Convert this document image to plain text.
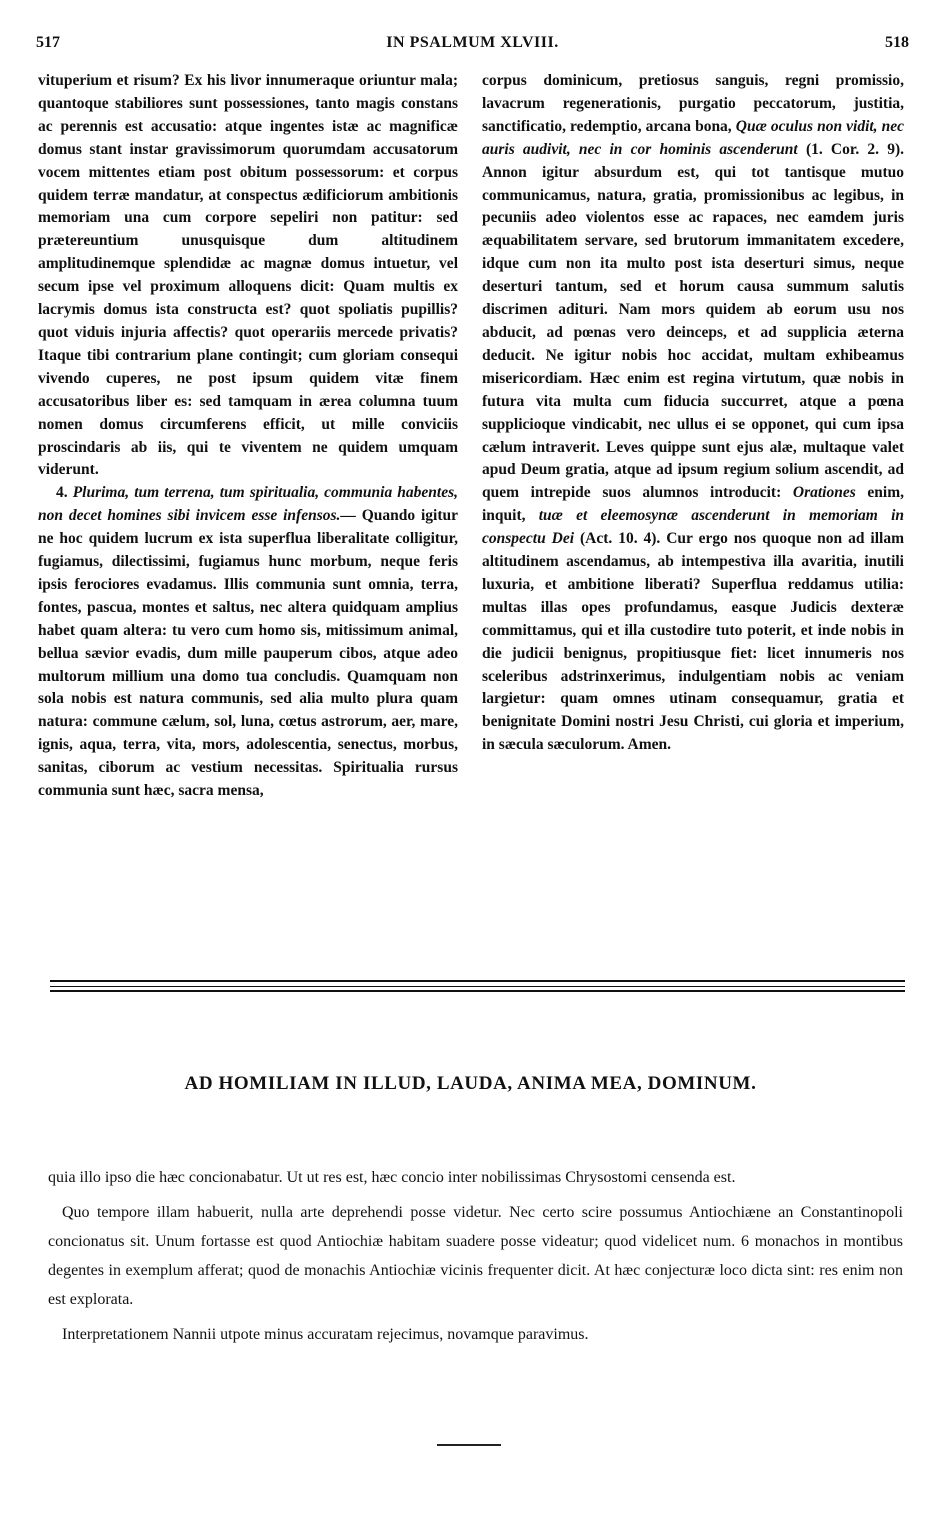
517	IN PSALMUM XLVIII.	518

vituperium et risum? Ex his livor innumeraque oriuntur mala; quantoque stabiliores sunt possessiones, tanto magis constans ac perennis est accusatio: atque ingentes istæ ac magnificæ domus stant instar gravissimorum quorumdam accusatorum vocem mittentes etiam post obitum possessorum: et corpus quidem terræ mandatur, at conspectus ædificiorum ambitionis memoriam una cum corpore sepeliri non patitur: sed prætereuntium unusquisque dum altitudinem amplitudinemque splendidæ ac magnæ domus intuetur, vel secum ipse vel proximum alloquens dicit: Quam multis ex lacrymis domus ista constructa est? quot spoliatis pupillis? quot viduis injuria affectis? quot operariis mercede privatis? Itaque tibi contrarium plane contingit; cum gloriam consequi vivendo cuperes, ne post ipsum quidem vitæ finem accusatoribus liber es: sed tamquam in ærea columna tuum nomen domus circumferens efficit, ut mille conviciis proscindaris ab iis, qui te viventem ne quidem umquam viderunt.

4. Plurima, tum terrena, tum spiritualia, communia habentes, non decet homines sibi invicem esse infensos.— Quando igitur ne hoc quidem lucrum ex ista superflua liberalitate colligitur, fugiamus, dilectissimi, fugiamus hunc morbum, neque feris ipsis ferociores evadamus. Illis communia sunt omnia, terra, fontes, pascua, montes et saltus, nec altera quidquam amplius habet quam altera: tu vero cum homo sis, mitissimum animal, bellua sævior evadis, dum mille pauperum cibos, atque adeo multorum millium una domo tua concludis. Quamquam non sola nobis est natura communis, sed alia multo plura quam natura: commune cælum, sol, luna, cœtus astrorum, aer, mare, ignis, aqua, terra, vita, mors, adolescentia, senectus, morbus, sanitas, ciborum ac vestium necessitas. Spiritualia rursus communia sunt hæc, sacra mensa,

corpus dominicum, pretiosus sanguis, regni promissio, lavacrum regenerationis, purgatio peccatorum, justitia, sanctificatio, redemptio, arcana bona, Quæ oculus non vidit, nec auris audivit, nec in cor hominis ascenderunt (1. Cor. 2. 9). Annon igitur absurdum est, qui tot tantisque mutuo communicamus, natura, gratia, promissionibus ac legibus, in pecuniis adeo violentos esse ac rapaces, nec eamdem juris æquabilitatem servare, sed brutorum immanitatem excedere, idque cum non ita multo post ista deserturi simus, neque deserturi tantum, sed et horum causa summum salutis discrimen adituri. Nam mors quidem ab eorum usu nos abducit, ad pœnas vero deinceps, et ad supplicia æterna deducit. Ne igitur nobis hoc accidat, multam exhibeamus misericordiam. Hæc enim est regina virtutum, quæ nobis in futura vita multa cum fiducia succurret, atque a pœna supplicioque vindicabit, nec ullus ei se opponet, qui cum ipsa cælum intraverit. Leves quippe sunt ejus alæ, multaque valet apud Deum gratia, atque ad ipsum regium solium ascendit, ad quem intrepide suos alumnos introducit: Orationes enim, inquit, tuæ et eleemosynæ ascenderunt in memoriam in conspectu Dei (Act. 10. 4). Cur ergo nos quoque non ad illam altitudinem ascendamus, ab intempestiva illa avaritia, inutili luxuria, et ambitione liberati? Superflua reddamus utilia: multas illas opes profundamus, easque Judicis dexteræ committamus, qui et illa custodire tuto poterit, et inde nobis in die judicii benignus, propitiusque fiet: licet innumeris nos sceleribus adstrinxerimus, indulgentiam nobis ac veniam largietur: quam omnes utinam consequamur, gratia et benignitate Domini nostri Jesu Christi, cui gloria et imperium, in sæcula sæculorum. Amen.

AD HOMILIAM IN ILLUD, LAUDA, ANIMA MEA, DOMINUM.

quia illo ipso die hæc concionabatur. Ut ut res est, hæc concio inter nobilissimas Chrysostomi censenda est.

Quo tempore illam habuerit, nulla arte deprehendi posse videtur. Nec certo scire possumus Antiochiæne an Constantinopoli concionatus sit. Unum fortasse est quod Antiochiæ habitam suadere posse videatur; quod videlicet num. 6 monachos in montibus degentes in exemplum afferat; quod de monachis Antiochiæ vicinis frequenter dicit. At hæc conjecturæ loco dicta sint: res enim non est explorata.

Interpretationem Nannii utpote minus accuratam rejecimus, novamque paravimus.
